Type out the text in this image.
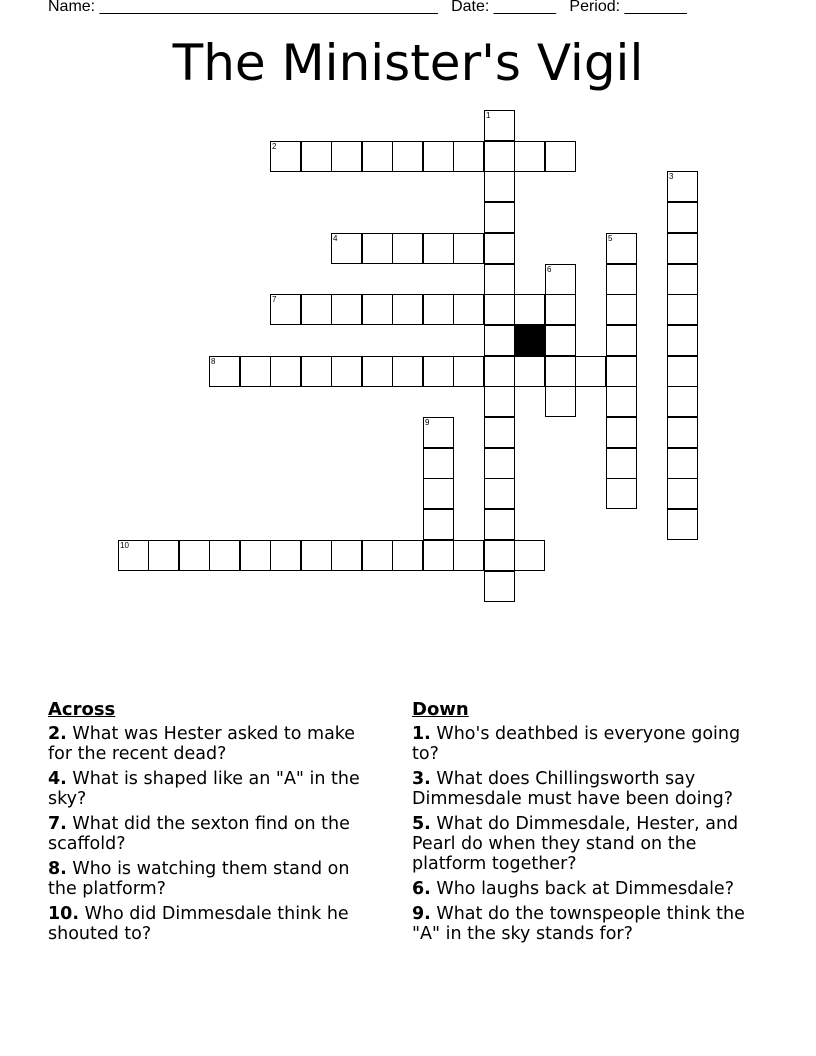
Name: ______________________________________ Date: _______ Period: _______
The Minister's Vigil
1
2
3
4	5
6
7
8
9
10
Across
2. What was Hester asked to make for the recent dead?
4. What is shaped like an "A" in the sky?
7. What did the sexton find on the scaffold?
8. Who is watching them stand on the platform?
10. Who did Dimmesdale think he shouted to?
Down
1. Who's deathbed is everyone going to?
3. What does Chillingsworth say Dimmesdale must have been doing?
5. What do Dimmesdale, Hester, and Pearl do when they stand on the platform together?
6. Who laughs back at Dimmesdale?
9. What do the townspeople think the "A" in the sky stands for?
